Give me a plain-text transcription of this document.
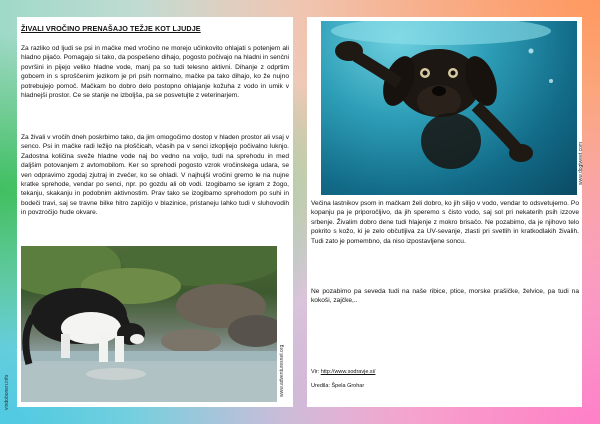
ŽIVALI VROČINO PRENAŠAJO TEŽJE KOT LJUDJE
Za razliko od ljudi se psi in mačke med vročino ne morejo učinkovito ohlajati s potenjem ali hladno pijačo. Pomagajo si tako, da pospešeno dihajo, pogosto počivajo na hladni in senčni površini in pijejo veliko hladne vode, manj pa so tudi telesno aktivni. Dihanje z odprtim gobcem in s sproščenim jezikom je pri psih normalno, mačke pa tako dihajo, ko že nujno potrebujejo pomoč. Mačkam bo dobro delo postopno ohlajanje kožuha z vodo in umik v hladnejši prostor. Ce se stanje ne izboljša, pa se posvetujte z veterinarjem.
Za živali v vročih dneh poskrbimo tako, da jim omogočimo dostop v hladen prostor ali vsaj v senco. Psi in mačke radi ležijo na ploščicah, včasih pa v senci izkopljejo počivalno luknjo. Zadostna količina sveže hladne vode naj bo vedno na voljo, tudi na sprehodu in med daljšim potovanjem z avtomobilom. Ker so sprehodi pogosto vzrok vročinskega udara, se ven odpravimo zgodaj zjutraj in zvečer, ko se ohladi. V najhujši vročini gremo le na nujne kratke sprehode, vendar po senci, npr. po gozdu ali ob vodi. Izogibamo se igram z žogo, tekanju, skakanju in podobnim aktivnostim. Prav tako se izogibamo sprehodom po suhi in bodeči travi, saj se travne bilke hitro zapičijo v blazinice, pristaneju lahko tudi v sluhovodih in povzročijo hude okvare.
www.adventuresnet.org
www.dogtweet.com
Večina lastnikov psom in mačkam želi dobro, ko jih silijo v vodo, vendar to odsvetujemo. Po kopanju pa je priporočljivo, da jih speremo s čisto vodo, saj sol pri nekaterih psih izzove srbenje. Živalim dobro dene tudi hlajenje z mokro brisačo. Ne pozabimo, da je njihovo telo pokrito s kožo, ki je zelo občutljiva za UV-sevanje, zlasti pri svetlih in kratkodlakih živalih. Tudi zato je pomembno, da niso izpostavljene soncu.
Ne pozabimo pa seveda tudi na naše ribice, ptice, morske prašičke, želvice, pa tudi na kokoši, zajčke,..
Vir: http://www.sodravje.si/
Uredila: Špela Grohar
vindobonen.info
